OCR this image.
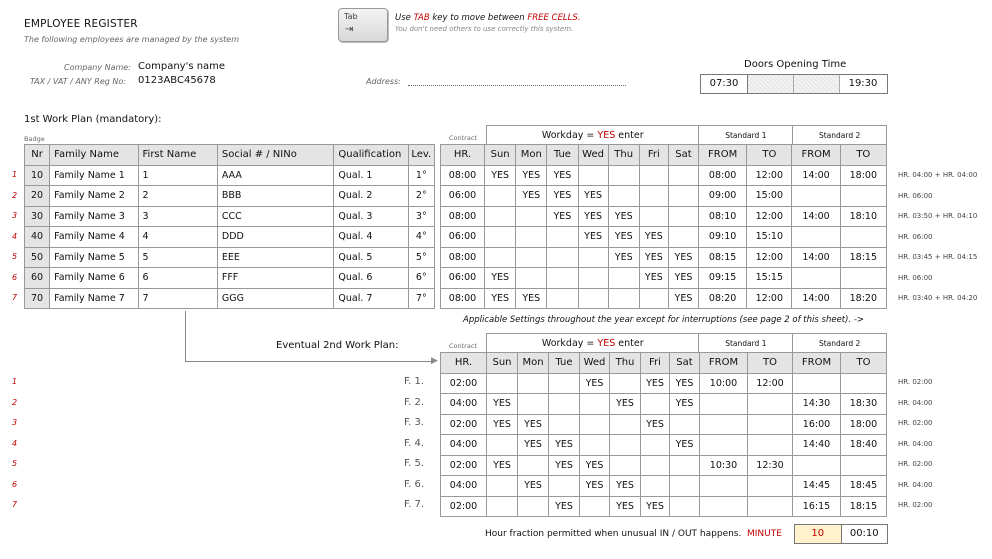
EMPLOYEE REGISTER
The following employees are managed by the system
Company Name: Company's name
TAX / VAT / ANY Reg No: 0123ABC45678	Address:
Tab
⇥
Use TAB key to move between FREE CELLS.
You don't need others to use correctly this system.
Doors Opening Time
07:30	19:30
1st Work Plan (mandatory):
Badge	Contract	Workday = YES enter	Standard 1	Standard 2
Nr	Family Name	First Name	Social # / NINo	Qualification	Lev.		HR.	Sun	Mon	Tue	Wed	Thu	Fri	Sat	FROM	TO	FROM	TO
10	Family Name 1	1	AAA	Qual. 1	1°		08:00	YES	YES	YES					08:00	12:00	14:00	18:00
20	Family Name 2	2	BBB	Qual. 2	2°		06:00		YES	YES	YES				09:00	15:00		
30	Family Name 3	3	CCC	Qual. 3	3°		08:00			YES	YES	YES			08:10	12:00	14:00	18:10
40	Family Name 4	4	DDD	Qual. 4	4°		06:00				YES	YES	YES		09:10	15:10		
50	Family Name 5	5	EEE	Qual. 5	5°		08:00					YES	YES	YES	08:15	12:00	14:00	18:15
60	Family Name 6	6	FFF	Qual. 6	6°		06:00	YES					YES	YES	09:15	15:15		
70	Family Name 7	7	GGG	Qual. 7	7°		08:00	YES	YES					YES	08:20	12:00	14:00	18:20
1	HR. 04:00 + HR. 04:00
2	HR. 06:00
3	HR. 03:50 + HR. 04:10
4	HR. 06:00
5	HR. 03:45 + HR. 04:15
6	HR. 06:00
7	HR. 03:40 + HR. 04:20
▶
Applicable Settings throughout the year except for interruptions (see page 2 of this sheet). ->
Eventual 2nd Work Plan:	Contract	Workday = YES enter	Standard 1	Standard 2
HR.	Sun	Mon	Tue	Wed	Thu	Fri	Sat	FROM	TO	FROM	TO
02:00				YES		YES	YES	10:00	12:00		
04:00	YES				YES		YES			14:30	18:30
02:00	YES	YES				YES				16:00	18:00
04:00		YES	YES				YES			14:40	18:40
02:00	YES		YES	YES				10:30	12:30		
04:00		YES		YES	YES					14:45	18:45
02:00			YES		YES	YES				16:15	18:15
1	F. 1.	HR. 02:00
2	F. 2.	HR. 04:00
3	F. 3.	HR. 02:00
4	F. 4.	HR. 04:00
5	F. 5.	HR. 02:00
6	F. 6.	HR. 04:00
7	F. 7.	HR. 02:00
Hour fraction permitted when unusual IN / OUT happens. MINUTE	10	00:10
